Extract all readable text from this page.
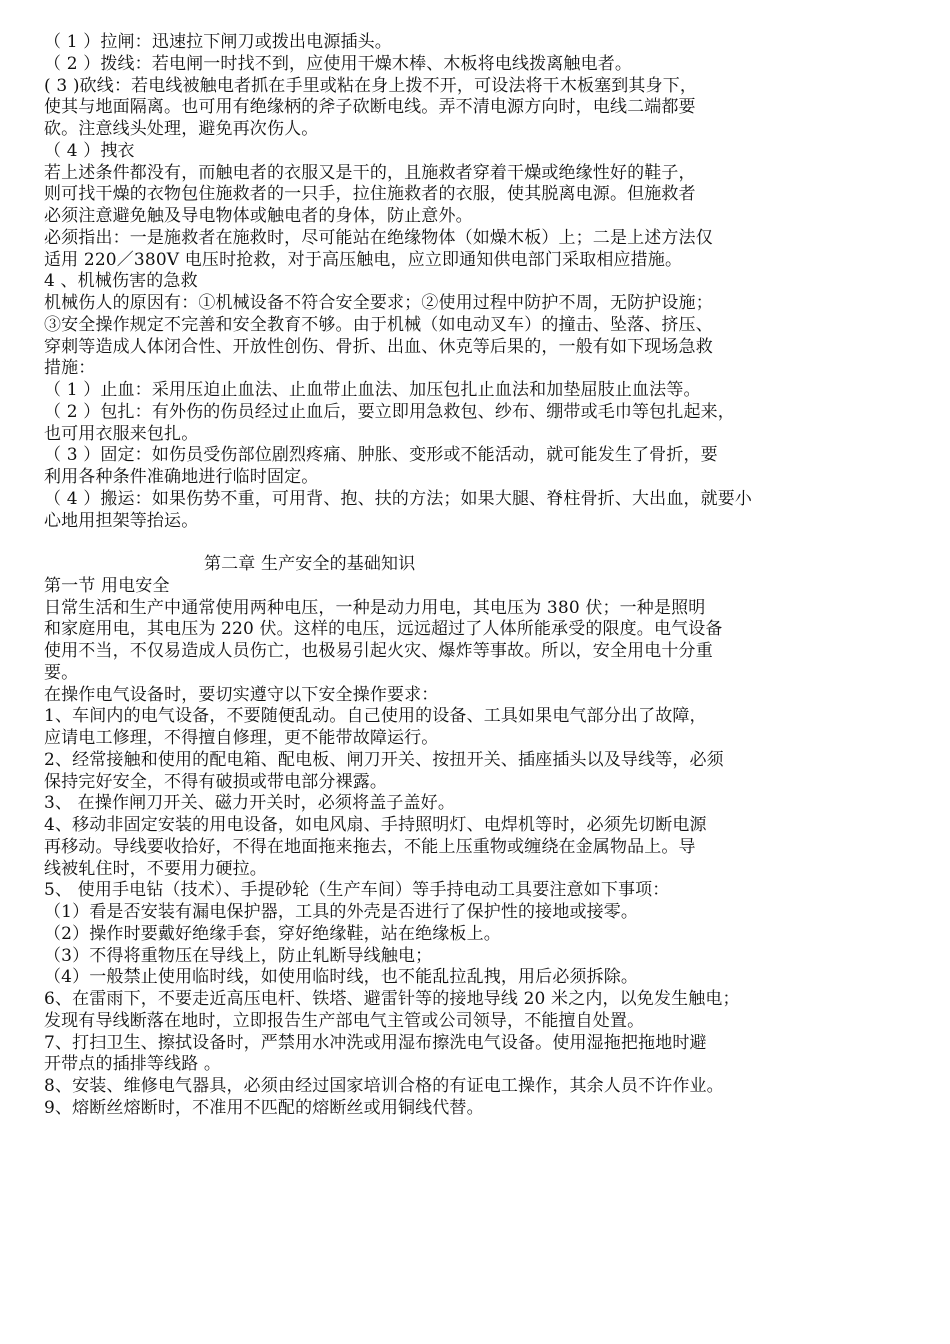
（ 1 ）拉闸：迅速拉下闸刀或拨出电源插头。
（ 2 ）拨线：若电闸一时找不到，应使用干燥木棒、木板将电线拨离触电者。
( 3 )砍线：若电线被触电者抓在手里或粘在身上拨不开，可设法将干木板塞到其身下，
使其与地面隔离。也可用有绝缘柄的斧子砍断电线。弄不清电源方向时，电线二端都要
砍。注意线头处理，避免再次伤人。
（ 4 ）拽衣
若上述条件都没有，而触电者的衣服又是干的，且施救者穿着干燥或绝缘性好的鞋子，
则可找干燥的衣物包住施救者的一只手，拉住施救者的衣服，使其脱离电源。但施救者
必须注意避免触及导电物体或触电者的身体，防止意外。
必须指出：一是施救者在施救时，尽可能站在绝缘物体（如燥木板）上；二是上述方法仅
适用 220／380V 电压时抢救，对于高压触电，应立即通知供电部门采取相应措施。
4 、机械伤害的急救
机械伤人的原因有：①机械设备不符合安全要求；②使用过程中防护不周，无防护设施；
③安全操作规定不完善和安全教育不够。由于机械（如电动叉车）的撞击、坠落、挤压、
穿刺等造成人体闭合性、开放性创伤、骨折、出血、休克等后果的，一般有如下现场急救
措施：
（ 1 ）止血：采用压迫止血法、止血带止血法、加压包扎止血法和加垫屈肢止血法等。
（ 2 ）包扎：有外伤的伤员经过止血后，要立即用急救包、纱布、绷带或毛巾等包扎起来，
也可用衣服来包扎。
（ 3 ）固定：如伤员受伤部位剧烈疼痛、肿胀、变形或不能活动，就可能发生了骨折，要
利用各种条件准确地进行临时固定。
（ 4 ）搬运：如果伤势不重，可用背、抱、扶的方法；如果大腿、脊柱骨折、大出血，就要小
心地用担架等抬运。
第二章 生产安全的基础知识
第一节 用电安全
日常生活和生产中通常使用两种电压，一种是动力用电，其电压为 380 伏；一种是照明
和家庭用电，其电压为 220 伏。这样的电压，远远超过了人体所能承受的限度。电气设备
使用不当，不仅易造成人员伤亡，也极易引起火灾、爆炸等事故。所以，安全用电十分重
要。
在操作电气设备时，要切实遵守以下安全操作要求：
1、车间内的电气设备，不要随便乱动。自己使用的设备、工具如果电气部分出了故障，
应请电工修理，不得擅自修理，更不能带故障运行。
2、经常接触和使用的配电箱、配电板、闸刀开关、按扭开关、插座插头以及导线等，必须
保持完好安全，不得有破损或带电部分裸露。
3、 在操作闸刀开关、磁力开关时，必须将盖子盖好。
4、移动非固定安装的用电设备，如电风扇、手持照明灯、电焊机等时，必须先切断电源
再移动。导线要收拾好，不得在地面拖来拖去，不能上压重物或缠绕在金属物品上。导
线被轧住时，不要用力硬拉。
5、 使用手电钻（技术）、手提砂轮（生产车间）等手持电动工具要注意如下事项：
（1）看是否安装有漏电保护器，工具的外壳是否进行了保护性的接地或接零。
（2）操作时要戴好绝缘手套，穿好绝缘鞋，站在绝缘板上。
（3）不得将重物压在导线上，防止轧断导线触电；
（4）一般禁止使用临时线，如使用临时线，也不能乱拉乱拽，用后必须拆除。
6、在雷雨下，不要走近高压电杆、铁塔、避雷针等的接地导线 20 米之内，以免发生触电；
发现有导线断落在地时，立即报告生产部电气主管或公司领导，不能擅自处置。
7、打扫卫生、擦拭设备时，严禁用水冲洗或用湿布擦洗电气设备。使用湿拖把拖地时避
开带点的插排等线路 。
8、安装、维修电气器具，必须由经过国家培训合格的有证电工操作，其余人员不许作业。
9、熔断丝熔断时，不准用不匹配的熔断丝或用铜线代替。
